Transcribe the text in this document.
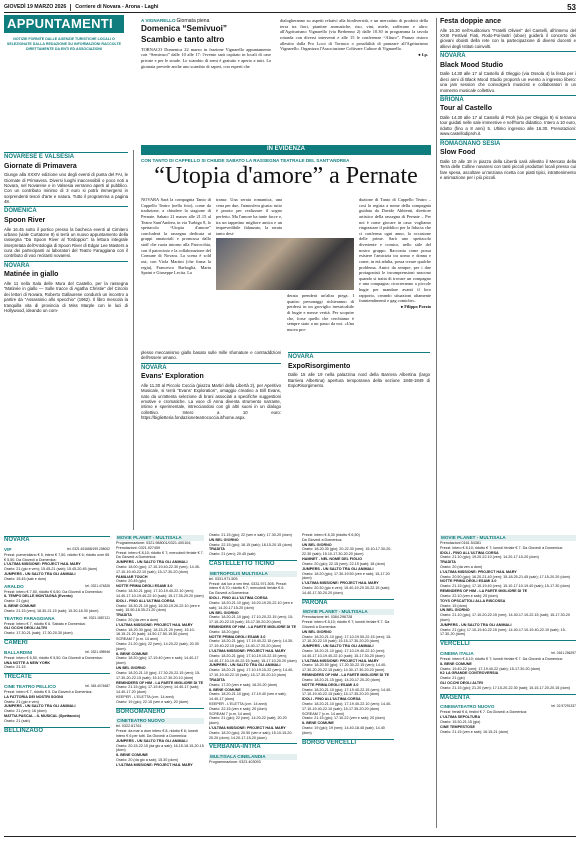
GIOVEDÌ 19 MARZO 2026 Corriere di Novara - Arona - Laghi	53
APPUNTAMENTI
NOTIZIE FORNITE DALLE AGENZIE TURISTICHE LOCALI O SELEZIONATE DALLA REDAZIONE SU INFORMAZIONI RACCOLTE DIRETTAMENTE DA ENTI ED ASSOCIAZIONI
A VIGNARELLO Giornata piena
Domenica “Semivuoi”
Scambio e tanto altro

TORNACO Domenica 22 marzo in frazione Vignarello appuntamento con “Semivuoi” dalle 10 alle 17: l'evento sarà ospitato in locali di case private e per le strade. Lo scambio di semi è gratuito e aperto a tutti. La giornata prevede anche uno scambio di saperi, con esperti che

dialogheranno su aspetti relativi alla biodiversità, e un mercatino di prodotti della terra tra fiori, piantine aromatiche, riso, vini, miele, zafferano e altro: all'Agriturismo Vignarello (via Berbenno 2) dalle 10.30 in programma la tavola rotonda con diversi interventi e alle 15 le conferenze “Alturo”. Pranzo ristoro allestito dalla Pro Loco di Tornaco o possibilità di pranzare all'Agriturismo Vignarello. Organizza l'Associazione Coltivare Culture di Vignarello.

● f.p.
NOVARESE E VALSESIA
Giornate di Primavera

Giunge alla XXXIV edizione uno degli eventi di punta del FAI, le Giornate di Primavera. Diversi luoghi inaccessibili o poco noti a Novara, nel Novarese e in Valsesia verranno aperti al pubblico. Con un contributo minimo di 3 euro si potrà immergersi in sorprendenti tesori d'arte e natura. Tutto il programma a pagina 48.

DOMENICA
Spoon River

Alle 16.45 sotto il portico presso la bacheca eventi al Cimitero urbano (viale Curtatone 9) si terrà un nuovo appuntamento della rassegna “Da Spoon River al Tordoppio”: la lettura integrale interpretata dell'Antologia di Spoon River di Edgar Lee Masters a cura dei partecipanti ai laboratori del Teatro Faraggiana con il contributo di voci recitanti novaresi.

NOVARA
Matinée in giallo

Alle 11 nella Sala delle Mura del Castello, per la rassegna “Matinée in giallo — Sulle tracce di Agatha Christie” del Circolo dei lettori di Novara, Roberto Gallaurese condurrà un incontro a partire da “Assassinio allo specchio” (1962). Il libro mescola la tranquilla vita di provincia di Miss Marple con le luci di Hollywood, ideando un com-

Festa doppie ance

Alle 16.30 nell'Auditorium “Fratelli Olivieri” del Cantelli, all'interno del XXIII Festival Fiati, Rodo-Poi-lastri (oboe) guiderà il concerto dei giovani oboisti della rete con la partecipazione di diversi docenti e allievi degli Istituti coinvolti.

NOVARA
Black Mood Studio

Dalle 14.30 alle 17 al Castello di Oleggio (via Ossola 4) la festa per i dieci anni di Black Mood Studio proporrà un evento a ingresso libero: una jam session che coinvolgerà musicisti e collaboratori in un momento musicale collettivo.

BRIONA
Tour al Castello

Dalle 14.30 alle 17 al Castello di Proh (via per Oleggio 9) si terranno tour guidati nelle sale immersive e nell'horto didattico. Intero a 10 euro, ridotto (fino a 8 anni) 5. Ultimo ingresso alle 16.30. Prenotazioni: www.castellodiproh.it.

ROMAGNANO SESIA
Slow Food

Dalle 10 alle 18 in piazza della Libertà sarà allestito il Mercato della Terra delle Colline novaresi con tanti piccoli produttori locali presso cui fare spesa, ascoltare un'anziana ricetta con piatti tipici, intrattenimento e animazione per i più piccoli.

IN EVIDENZA
CON TANTO DI CAPPELLO SI CHIUDE SABATO LA RASSEGNA TEATRALE DEL SANT'ANDREA
“Utopia d'amore” a Pernate

NOVARA Sarà la compagnia Tanto di Cappello Teatro (nella foto), come da tradizione, a chiudere la stagione di Pernate. Sabato 21 marzo alle 21.15 al Teatro Sant'Andrea, in via Turbigo 8, lo spettacolo “Utopia d'amore” concluderà la rassegna dedicata ai gruppi amatoriali e promossa dallo staff che ruota intorno alla Parrocchia, con il patrocinio e la collaborazione del Comune di Novara. La scena è sold out, con Viola Martini (che firma la regia), Francesco Barbaglia, Marta Spaini e Giuseppe Lecita. La

trama: Una serata romantica, una cena per due, l'atmosfera giusta: tutto è pronto per realizzare il sogno perfetto. Ma l'amore ha tante facce e, tra un tappetino migliore amica e un imprevedibile fidanzato, la serata tanto desi-

derata prenderà un'altra piega. I quattro personaggi richieranno di perdersi in un groviglio inestricabile di bugie e messe verità. Per scoprire che, forse quello che cerchiamo è sempre stato a un passo da noi. «Una nuova pro-

duzione di Tanto di Cappello Teatro – così la regista a nome della compagnia guidata da Davide Abbienti, direttore artistico della rassegna di Pernate – Per noi è come giocare in casa: vogliamo ringraziare il pubblico per la fiducia che ci conferma ogni anno, la occasione delle prime. Sarà uno spettacolo divertente e comico, nello stile del nostro gruppo. Racconta come possa esistere l'amicizia tra uomo e donna e come, in età adulta, possa creare qualche problema. Amici da sempre, per i due protagonisti le incomprensioni nascono quando si tratta di trovare un compagno e una compagna: ricorreranno a piccole bugie per mandare avanti il loro rapporto, creando situazioni altamente fraintendimenti e gag comiche».

● Filippo Porzio

plesso meccanismo giallo basato sulle mille sfumature e contraddizioni dell'essere umano.

NOVARA
Evans' Exploration

Alle 11.30 al Piccolo Coccia (piazza Martiri della Libertà 2), per Aperitivo Musicale, si terrà “Evans' Exploration”, omaggio creativo a Bill Evans, nato da un'attenta selezione di brani associati a specifiche suggestioni emotive e cromatiche. La voce di Anna diventa strumento narrante, intimo e sperimentale, intrecciandosi con gli altri suoni in un dialogo collettivo. Intero a 10 euro: https://biglietteria.fondazioneteatrococcia.it/home.aspx.

NOVARA
ExpoRisorgimento

Dalle 15 alle 19 nella palazzina nord della Barriera Albertina (largo Barriera Albertina) apertura temporanea della sezione 1848-1849 di ExpoRisorgimento.

NOVARA
VIP	tel. 0321.631688/199.208002
Prezzi: pomeridiano € 5, intero € 7,50, ridotto € 6; ridotto over 65 € 5,50. Da Giovedì a Domenica:
L'ULTIMA MISSIONE: PROJECT HAIL MARY
Orario: 21 (gio e ven); 15.45-21 (sab); 15.45-20.45 (dom)
JUMPERS - UN SALTO TRA GLI ANIMALI
Orario: 15.45 (sab e dom)
ARALDO	tel. 0321.474826
Prezzi: intero € 7,50, ridotto € 6,50. Da Giovedì a Domenica:
IL TEMPO DELLE MONTAGNA (Evento)
Orario: 21 (gio)
IL BENE COMUNE
Orario: 21.15 (ven); 18.30-21.15 (sab); 15.30-18.30 (dom)
TEATRO FARAGGIANA	tel. 0321.1887121
Prezzi: intero € 7, ridotto € 6. Sabato e Domenica:
GLI OCCHI DEGLI ALTRI
Orario: 17.30-21 (sab); 17.30-20.30 (dom)
CAMERI
BALLARDINI	tel. 0321.498946
Prezzi: intero € 6,50, ridotto € 5,50. Da Giovedì a Domenica:
UNA NOTTE A NEW YORK
Orario: 21.15
TRECATE
CINE TEATRO PELLICO	tel. 345.4074687
Prezzi: intero € 7, ridotto € 5. Da Giovedì a Domenica:
LA FATTORIA DEI NOSTRI SOGNI
Orario: 21 (gio e ven)
JUMPERS - UN SALTO TRA GLI ANIMALI
Orario: 21 (ven); 16 (dom)
MATTIA PASCAL - IL MUSICAL (Spettacolo)
Orario: 21 (sab)
BELLINZAGO
MOVIE PLANET - MULTISALA
Programmazione: 0321.988001/0321.400104; Prenotazioni: 0321.927459
Prezzi: intero € 8,10; ridotto € 7; mercoledì feriale € 7. Da Giovedì a Domenica:
JUMPERS - UN SALTO TRA GLI ANIMALI
Orario: 18.00 (gio); 17.10-19.40-22.30 (ven); 14.45-17.10-19.40-22.10 (sab); 15-17.30-20 (dom)
FAMILIAR TOUCH
Orario: 20.45 (gio)
NOTTE PRIMA DEGLI ESAMI 3.0
Orario: 18.30-21 (gio); 17.10-19.40-22.10 (ven); 14.40-17.10-19.40-22.10 (sab); 15-17.35-20.20 (dom)
IDOLI - FINO ALL'ULTIMA CORSA
Orario: 18.30-21.10 (gio); 16.30-19.20-22.10 (ven e sab); 15.50-18.35-21.20 (dom)
TRADITA
Orario: 20 (da ven a dom)
L'ULTIMA MISSIONE: PROJECT HAIL MARY
Orario: 18-20.30 (gio); 18.15-21.20 (ven); 15.10-18.15-21.20 (sab); 14.50-17.50-19.50 (dom)
SCREAM 7 (v.m. 14 anni)
Orario: 21.20 (gio); 22 (ven); 14.20-22 (sab); 20.30 (dom)
IL BENE COMUNE
Orario: 18.20 (gio); 17-19.40 (ven e sab); 14.40-17 (dom)
UN BEL GIORNO
Orario: 18.20-21.10 (gio); 17.30-20-22.15 (ven); 15-17.30-20-22.15 (sab); 15.10-17.30-20.10 (dom)
REMINDERS OF HIM - LA PARTE MIGLIORE DI TE
Orario: 21.15 (gio); 17-19.40 (ven); 14.40-17 (sab); 14.40-17.20 (dom)
KEEPER - L'ELETTA (v.m. 14 anni)
Orario: 19 (gio); 22.15 (ven e sab); 20 (dom)
BORGOMANERO
CINETEATRO NUOVO
tel. 0322.81761
Prezzi: da mar a dom intero € 8, ridotto € 6; lunedì intero € 6 per tutti. Da Giovedì a Domenica:
JUMPERS - UN SALTO TRA GLI ANIMALI
Orario: 20.15-22.15 (da gio a sab); 16.15-18.15-20.15 (dom)
IL BENE COMUNE
Orario: 20 (da gio a sab); 15.30 (dom)
L'ULTIMA MISSIONE: PROJECT HAIL MARY
Orario: 21.15 (gio); 22 (ven e sab); 17.30-20 (dom)
UN BEL GIORNO
Orario: 22.15 (gio); 18.15 (sab); 18.15-20.15 (dom)
TRADITA
Orario: 21 (ven); 20.45 (sab)
CASTELLETTO TICINO
METROPOLIS MULTISALA
tel. 0331.971.505
Prezzi: dal lun a ven fest. 0331.971.505. Prezzi: intero € 8,70; ridotto € 7; mercoledì feriale € 6.
Da Giovedì a Domenica:
IDOLI - FINO ALL'ULTIMA CORSA
Orario: 18.20-21.10 (gio); 16.20-19.20-22.10 (ven e sab); 14.20-17.15-20 (dom)
UN BEL GIORNO
Orario: 18.20-21.10 (gio); 17.10-20-22.15 (ven); 15-17.10-20-22.15 (sab); 15-17.30-20.20 (dom)
REMINDERS OF HIM - LA PARTE MIGLIORE DI TE
Orario: 18.20 (gio)
NOTTE PRIMA DEGLI ESAMI 3.0
Orario: 18.20-21 (gio); 17-19.40-22.15 (ven); 14.30-17-19.40-22.15 (sab); 14.40-17.20-20 (dom)
L'ULTIMA MISSIONE: PROJECT HAIL MARY
Orario: 18.20-21 (gio); 17.10-19.10-22.15 (ven); 14.40-17.10-19.40-22.15 (sab); 15-17.10-20.20 (dom)
JUMPERS - UN SALTO TRA GLI ANIMALI
Orario: 18.20-21 (gio); 17.10-19.10-22 (ven); 14.40-17.10-19.40-22.10 (sab); 15-17.30-20.10 (dom)
TRADITA
Orario: 17.20 (ven e sab); 16.20-20 (dom)
IL BENE COMUNE
Orario: 18.20-21.10 (gio); 17-19.40 (ven e sab); 14.40-17 (dom)
KEEPER - L'ELETTA (v.m. 14 anni)
Orario: 22.15 (ven e sab); 20 (dom)
SCREAM 7 (v.m. 14 anni)
Orario: 21 (gio); 22 (ven); 14.20-22 (sab); 20.20 (dom)
L'ULTIMA MISSIONE: PROJECT HAIL MARY
Orario: 18.20 (gio); 20.50 (ven e sab); 15.10-15.20-20.20 (dom); 14.20-17.15-20 (dom)
VERBANIA-INTRA
MULTISALA CINELANDIA
Programmazione: 0323.403093
Prezzi: intero € 8,30 (ridotto € 6,50)
Da Giovedì a Domenica:
UN BEL GIORNO
Orario: 18-20.30 (gio); 20-22.30 (ven); 15.10-17.30-20-22.30 (sab); 15.10-17.30-20.20 (dom)
HAMNET - NEL NOME DEL FIGLIO
Orario: 20 (gio); 22.15 (ven); 22.15 (sab); 18 (dom)
JUMPERS - UN SALTO TRA GLI ANIMALI
Orario: 18.20 (gio); 17.30-19.50 (ven e sab); 15-17.20 (dom)
L'ULTIMA MISSIONE: PROJECT HAIL MARY
Orario: 20.30 (gio e ven); 15.40-19-20.30-22.15 (sab); 14.40-17.30-20.20 (dom)
PARONA
MOVIE PLANET - MULTISALA
Prenotazione tel. 0384.296728
Prezzi: intero € 8,10; ridotto € 7; lunedì feriale € 7. Da Giovedì a Domenica:
UN BEL GIORNO
Orario: 18.20-21.10 (gio); 17.10-19.50-22.15 (ven); 15-17.10-20-22.15 (sab); 15.15-17.30-20.20 (dom)
JUMPERS - UN SALTO TRA GLI ANIMALI
Orario: 18.20-21.10 (gio); 17.10-19.40-22.10 (ven); 14.40-17.10-19.40-22.10 (sab); 15-17.30-20 (dom)
L'ULTIMA MISSIONE: PROJECT HAIL MARY
Orario: 18-20.50 (gio); 17-20.30-22.15 (ven); 14.40-17.30-20.20-22.15 (sab); 14.30-17.30-20.20 (dom)
REMINDERS OF HIM - LA PARTE MIGLIORE DI TE
Orario: 18.20-21.15 (gio); 14.20-17.20-20 (dom)
NOTTE PRIMA DEGLI ESAMI 3.0
Orario: 18.20-21.10 (gio); 17-19.40-22.15 (ven); 14.40-17.10-19.40-22.15 (sab); 15-17.35-20.20 (dom)
IDOLI - FINO ALL'ULTIMA CORSA
Orario: 18.20-21.10 (gio); 17-19.40-22.10 (ven); 14.40-17.10-19.40-22.10 (sab); 15-17.35-20.20 (dom)
SCREAM 7 (v.m. 14 anni)
Orario: 21.15 (gio); 17.10-22 (ven e sab); 20 (dom)
IL BENE COMUNE
Orario: 19 (gio); 19 (ven); 14.40-18.45 (sab); 14.40 (dom)
BORGO VERCELLI
MOVIE PLANET - MULTISALA
Prenotazioni 0161.54381
Prezzi: intero € 8,10; ridotto € 7; lunedì feriale € 7. Da Giovedì a Domenica:
IDOLI - FINO ALL'ULTIMA CORSA
Orario: 21.10 (gio); 19.20-22.10 (ven); 14.20-17.15-20 (dom)
TRADITA
Orario: 20 (da ven a dom)
L'ULTIMA MISSIONE: PROJECT HAIL MARY
Orario: 20.50 (gio); 16.20-21.40 (ven); 15-18.25-21.45 (sab); 17.15-20.20 (dom)
NOTTE PRIMA DEGLI ESAMI 3.0
Orario: 21.15 (gio); 17.10-19.40 (ven); 15.10-17.10-19.40 (sab); 15-17.30 (dom)
REMINDERS OF HIM - LA PARTE MIGLIORE DI TE
Orario: 22.10 (ven e sab); 20 (dom)
TOYS OPSCATTOLI ALLA RISCOSSA
Orario: 15 (dom)
UN BEL GIORNO
Orario: 21.10 (gio); 17.10-20-22.15 (ven); 14.40-17.10-22.15 (sab); 15-17.30-20 (dom)
JUMPERS - UN SALTO TRA GLI ANIMALI
Orario: 21 (gio); 17.10-19.40-22.15 (ven); 14.40-17.10-19.40-22.10 (sab); 15-17.30-20 (dom)
VERCELLI
CINEMA ITALIA	tel. 0161.256297
Prezzi: intero € 8,10; ridotto € 7; lunedì feriale € 7. Da Giovedì a Domenica:
IL BENE COMUNE
Orario: 19.40-22 (ven); 17-19.40-22 (sab); 15-17.30-20 (dom)
K2 LA GRANDE CONTROVERSIA
Orario: 21 (gio)
GLI OCCHI DEGLI ALTRI
Orario: 21.15 (gio); 21.20 (ven); 17.15-20-22.30 (sab); 15.15-17.20-20.15 (dom)
MAGENTA
CINEMATEATRO NUOVO	tel. 02.97291337
Prezzi: feriali € 6, festivi € 7. Da Giovedì a Domenica:
L'ULTIMA SEPOLTURA
Orario: 15.30-21.15 (gio)
CINE TEMPESTOSE
Orario: 21.15 (ven e sab); 16.15-21 (dom)
